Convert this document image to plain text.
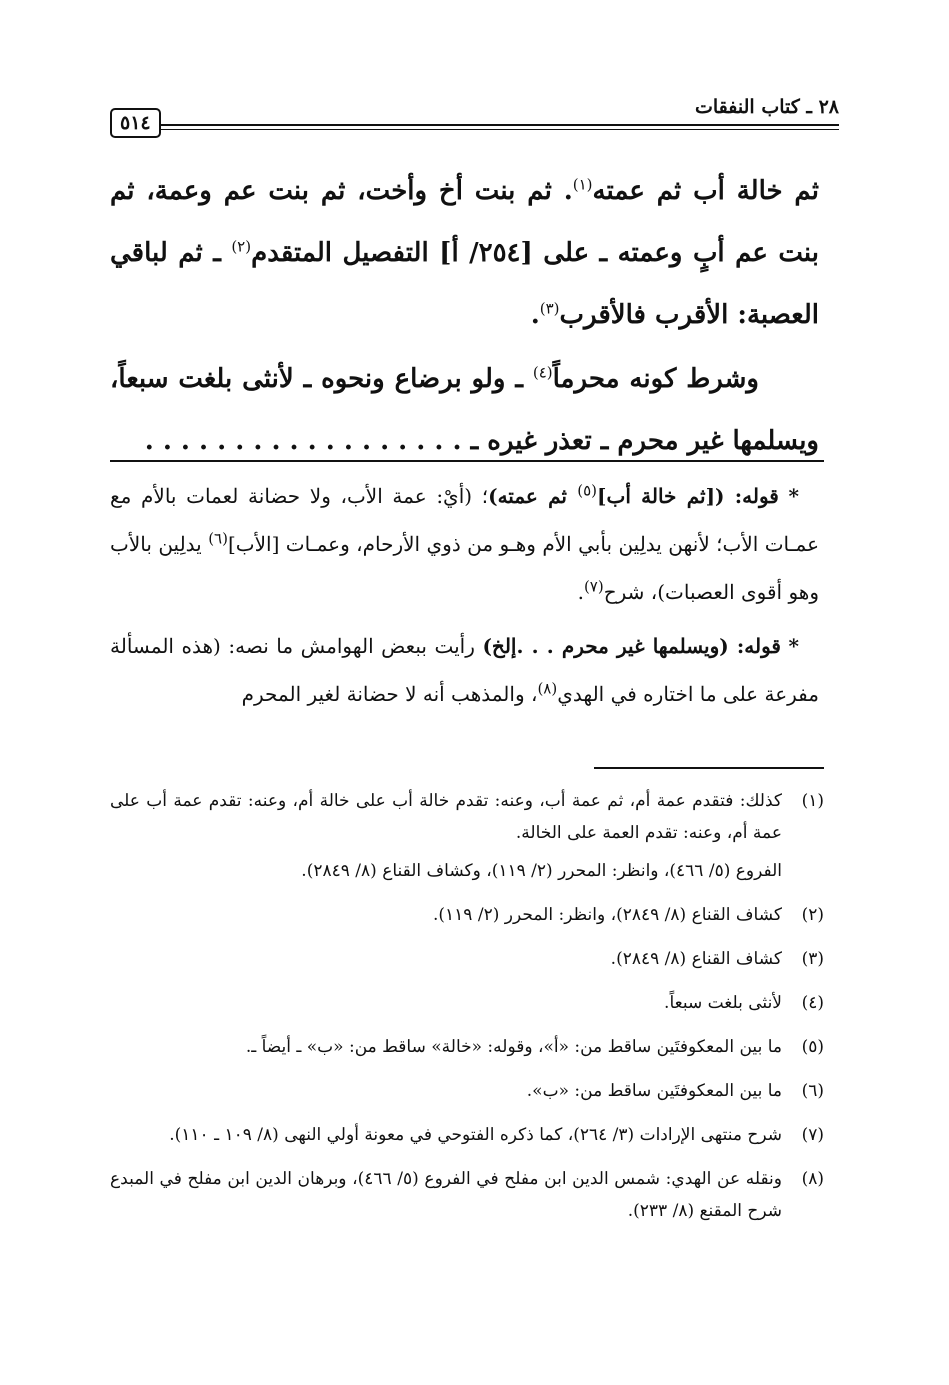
٥١٤
٢٨ ـ كتاب النفقات

ثم خالة أب ثم عمته$^{(١)}$. ثم بنت أخ وأخت، ثم بنت عم وعمة، ثم بنت عم أبٍ وعمته ـ على [٢٥٤/ أ] التفصيل المتقدم$^{(٢)}$ ـ ثم لباقي العصبة: الأقرب فالأقرب$^{(٣)}$.

وشرط كونه محرماً$^{(٤)}$ ـ ولو برضاع ونحوه ـ لأنثى بلغت سبعاً، ويسلمها غير محرم ـ تعذر غيره ـ . . . . . . . . . . . . . . . . . .

* قوله: ([ثم خالة أب]$^{(٥)}$ ثم عمته)؛ (أيْ: عمة الأب، ولا حضانة لعمات بالأم مع عمـات الأب؛ لأنهن يدلِين بأبي الأم وهـو من ذوي الأرحام، وعمـات [الأب]$^{(٦)}$ يدلِين بالأب وهو أقوى العصبات)، شرح$^{(٧)}$.

* قوله: (ويسلمها غير محرم . . .إلخ) رأيت ببعض الهوامش ما نصه: (هذه المسألة مفرعة على ما اختاره في الهدي$^{(٨)}$، والمذهب أنه لا حضانة لغير المحرم

(١)
كذلك: فتقدم عمة أم، ثم عمة أب، وعنه: تقدم خالة أب على خالة أم، وعنه: تقدم عمة أب على عمة أم، وعنه: تقدم العمة على الخالة.
الفروع (٥/ ٤٦٦)، وانظر: المحرر (٢/ ١١٩)، وكشاف القناع (٨/ ٢٨٤٩).
(٢)
كشاف القناع (٨/ ٢٨٤٩)، وانظر: المحرر (٢/ ١١٩).
(٣)
كشاف القناع (٨/ ٢٨٤٩).
(٤)
لأنثى بلغت سبعاً.
(٥)
ما بين المعكوفتَين ساقط من: «أ»، وقوله: «خالة» ساقط من: «ب» ـ أيضاً ـ.
(٦)
ما بين المعكوفتَين ساقط من: «ب».
(٧)
شرح منتهى الإرادات (٣/ ٢٦٤)، كما ذكره الفتوحي في معونة أولي النهى (٨/ ١٠٩ ـ ١١٠).
(٨)
ونقله عن الهدي: شمس الدين ابن مفلح في الفروع (٥/ ٤٦٦)، وبرهان الدين ابن مفلح في المبدع شرح المقنع (٨/ ٢٣٣).
